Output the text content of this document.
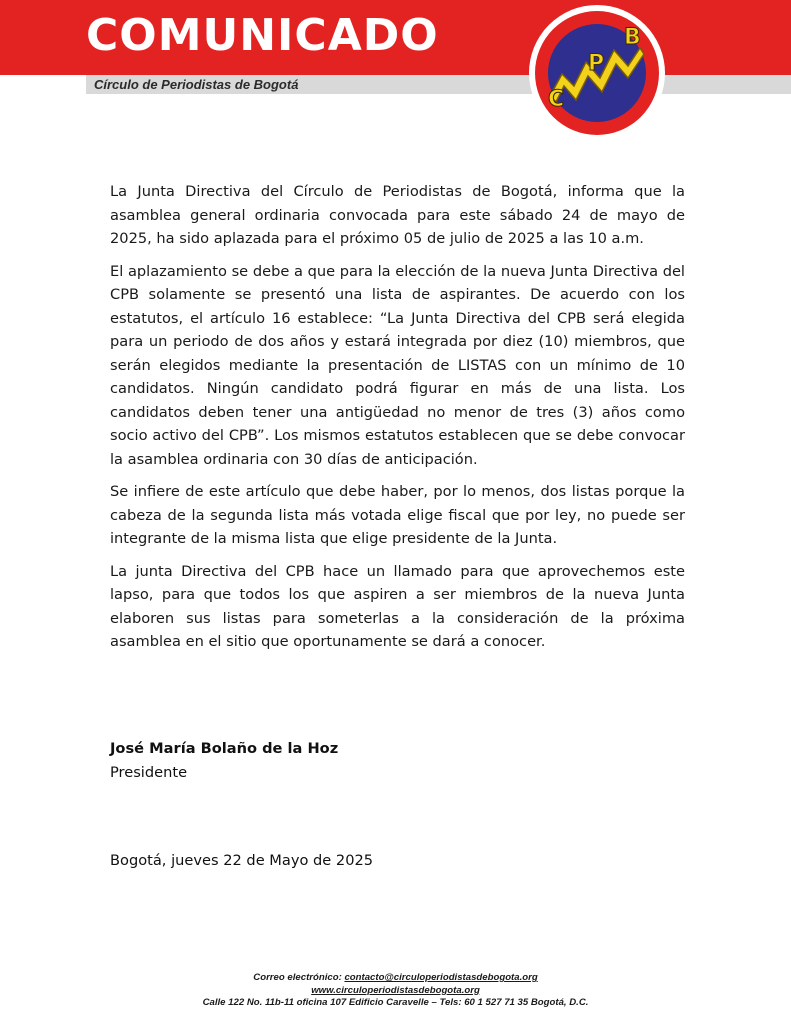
COMUNICADO
Círculo de Periodistas de Bogotá
C
P
B

La Junta Directiva del Círculo de Periodistas de Bogotá, informa que la asamblea general ordinaria convocada para este sábado 24 de mayo de 2025, ha sido aplazada para el próximo 05 de julio de 2025 a las 10 a.m.

El aplazamiento se debe a que para la elección de la nueva Junta Directiva del CPB solamente se presentó una lista de aspirantes. De acuerdo con los estatutos, el artículo 16 establece: “La Junta Directiva del CPB será elegida para un periodo de dos años y estará integrada por diez (10) miembros, que serán elegidos mediante la presentación de LISTAS con un mínimo de 10 candidatos. Ningún candidato podrá figurar en más de una lista. Los candidatos deben tener una antigüedad no menor de tres (3) años como socio activo del CPB”. Los mismos estatutos establecen que se debe convocar la asamblea ordinaria con 30 días de anticipación.

Se infiere de este artículo que debe haber, por lo menos, dos listas porque la cabeza de la segunda lista más votada elige fiscal que por ley, no puede ser integrante de la misma lista que elige presidente de la Junta.

La junta Directiva del CPB hace un llamado para que aprovechemos este lapso, para que todos los que aspiren a ser miembros de la nueva Junta elaboren sus listas para someterlas a la consideración de la próxima asamblea en el sitio que oportunamente se dará a conocer.

José María Bolaño de la Hoz
Presidente
Bogotá, jueves 22 de Mayo de 2025
Correo electrónico: contacto@circuloperiodistasdebogota.org
www.circuloperiodistasdebogota.org
Calle 122 No. 11b-11 oficina 107 Edificio Caravelle – Tels: 60 1 527 71 35 Bogotá, D.C.
